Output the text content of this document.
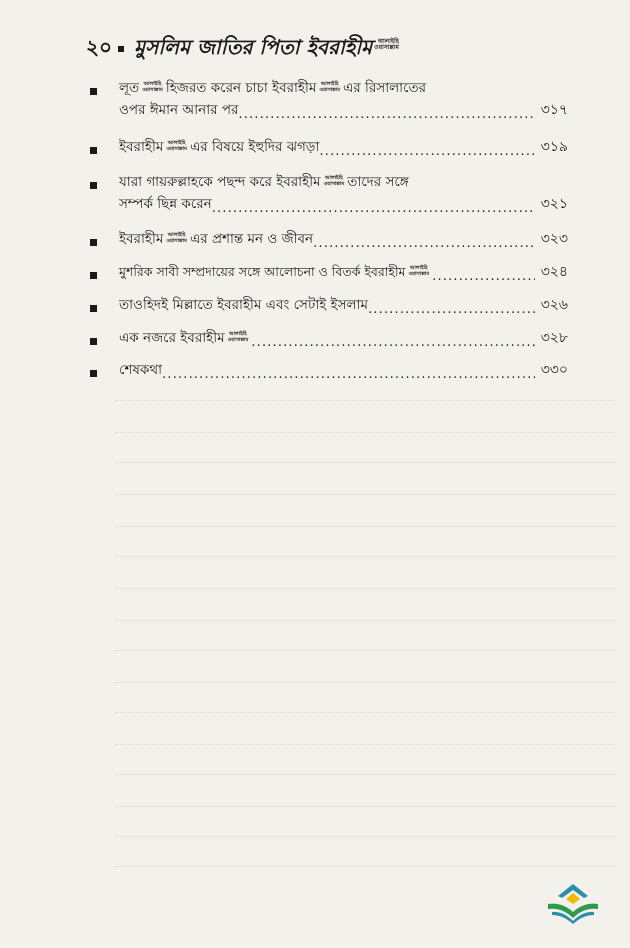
২০ মুসলিম জাতির পিতা ইবরাহীম আলাইহি
ওয়াসাল্লাম
লূত আলাইহি
ওয়াসাল্লাম হিজরত করেন চাচা ইবরাহীম আলাইহি
ওয়াসাল্লাম এর রিসালাতের
ওপর ঈমান আনার পর .....	৩১৭
ইবরাহীম আলাইহি
ওয়াসাল্লাম এর বিষয়ে ইহুদির ঝগড়া .....	৩১৯
যারা গায়রুল্লাহকে পছন্দ করে ইবরাহীম আলাইহি
ওয়াসাল্লাম তাদের সঙ্গে
সম্পর্ক ছিন্ন করেন .....	৩২১
ইবরাহীম আলাইহি
ওয়াসাল্লাম এর প্রশান্ত মন ও জীবন .....	৩২৩
মুশরিক সাবী সম্প্রদায়ের সঙ্গে আলোচনা ও বিতর্ক ইবরাহীম আলাইহি
ওয়াসাল্লাম .....	৩২৪
তাওহিদই মিল্লাতে ইবরাহীম এবং সেটাই ইসলাম .....	৩২৬
এক নজরে ইবরাহীম আলাইহি
ওয়াসাল্লাম .....	৩২৮
শেষকথা .....	৩৩০
